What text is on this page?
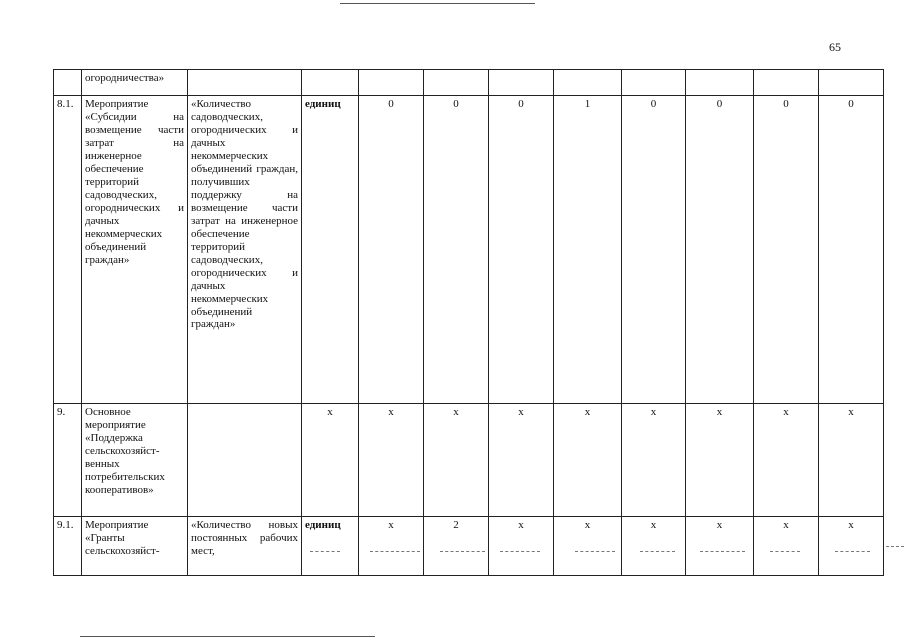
65
	огородничества»										
8.1.	Мероприятие «Субсидии на возмещение части затрат на инженерное обеспечение территорий садоводческих, огородничеcких и дачных некоммерческих объединений граждан»	«Количество садоводческих, огороднических и дачных некоммерческих объединений граждан, получивших поддержку на возмещение части затрат на инженерное обеспечение территорий садоводческих, огороднических и дачных некоммерческих объединений граждан»	единиц	0	0	0	1	0	0	0	0
9.	Основное мероприятие «Поддержка сельскохозяйст-венных потребительских кооперативов»		x	x	x	x	x	x	x	x	x
9.1.	Мероприятие «Гранты сельскохозяйст-	«Количество новых постоянных рабочих мест,	единиц	x	2	x	x	x	x	x	x
